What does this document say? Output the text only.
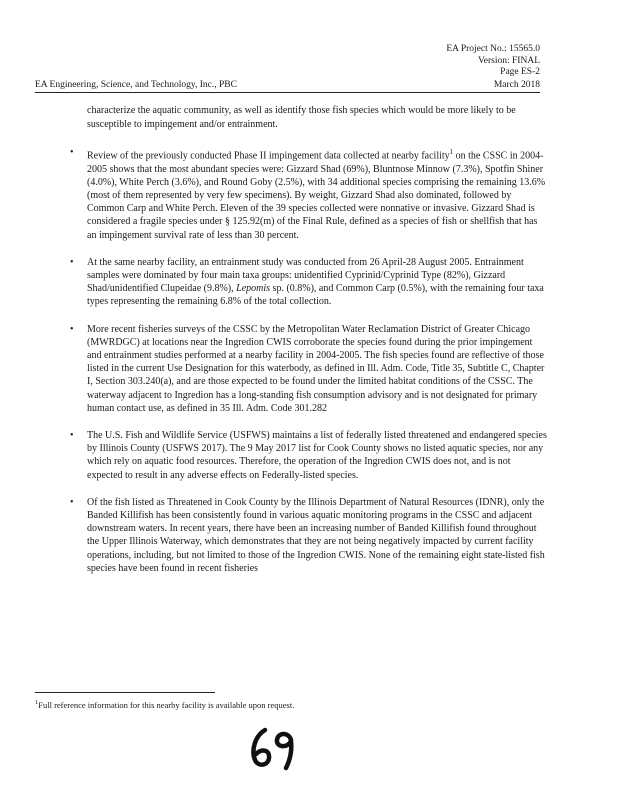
EA Project No.: 15565.0
Version: FINAL
Page ES-2
EA Engineering, Science, and Technology, Inc., PBC	March 2018
characterize the aquatic community, as well as identify those fish species which would be more likely to be susceptible to impingement and/or entrainment.
• Review of the previously conducted Phase II impingement data collected at nearby facility$^1$ on the CSSC in 2004-2005 shows that the most abundant species were: Gizzard Shad (69%), Bluntnose Minnow (7.3%), Spotfin Shiner (4.0%), White Perch (3.6%), and Round Goby (2.5%), with 34 additional species comprising the remaining 13.6% (most of them represented by very few specimens). By weight, Gizzard Shad also dominated, followed by Common Carp and White Perch. Eleven of the 39 species collected were nonnative or invasive. Gizzard Shad is considered a fragile species under § 125.92(m) of the Final Rule, defined as a species of fish or shellfish that has an impingement survival rate of less than 30 percent.
• At the same nearby facility, an entrainment study was conducted from 26 April-28 August 2005. Entrainment samples were dominated by four main taxa groups: unidentified Cyprinid/Cyprinid Type (82%), Gizzard Shad/unidentified Clupeidae (9.8%), Lepomis sp. (0.8%), and Common Carp (0.5%), with the remaining four taxa types representing the remaining 6.8% of the total collection.
• More recent fisheries surveys of the CSSC by the Metropolitan Water Reclamation District of Greater Chicago (MWRDGC) at locations near the Ingredion CWIS corroborate the species found during the prior impingement and entrainment studies performed at a nearby facility in 2004-2005. The fish species found are reflective of those listed in the current Use Designation for this waterbody, as defined in Ill. Adm. Code, Title 35, Subtitle C, Chapter I, Section 303.240(a), and are those expected to be found under the limited habitat conditions of the CSSC. The waterway adjacent to Ingredion has a long-standing fish consumption advisory and is not designated for primary human contact use, as defined in 35 Ill. Adm. Code 301.282
• The U.S. Fish and Wildlife Service (USFWS) maintains a list of federally listed threatened and endangered species by Illinois County (USFWS 2017). The 9 May 2017 list for Cook County shows no listed aquatic species, nor any which rely on aquatic food resources. Therefore, the operation of the Ingredion CWIS does not, and is not expected to result in any adverse effects on Federally-listed species.
• Of the fish listed as Threatened in Cook County by the Illinois Department of Natural Resources (IDNR), only the Banded Killifish has been consistently found in various aquatic monitoring programs in the CSSC and adjacent downstream waters. In recent years, there have been an increasing number of Banded Killifish found throughout the Upper Illinois Waterway, which demonstrates that they are not being negatively impacted by current facility operations, including, but not limited to those of the Ingredion CWIS. None of the remaining eight state-listed fish species have been found in recent fisheries
$^1$Full reference information for this nearby facility is available upon request.
